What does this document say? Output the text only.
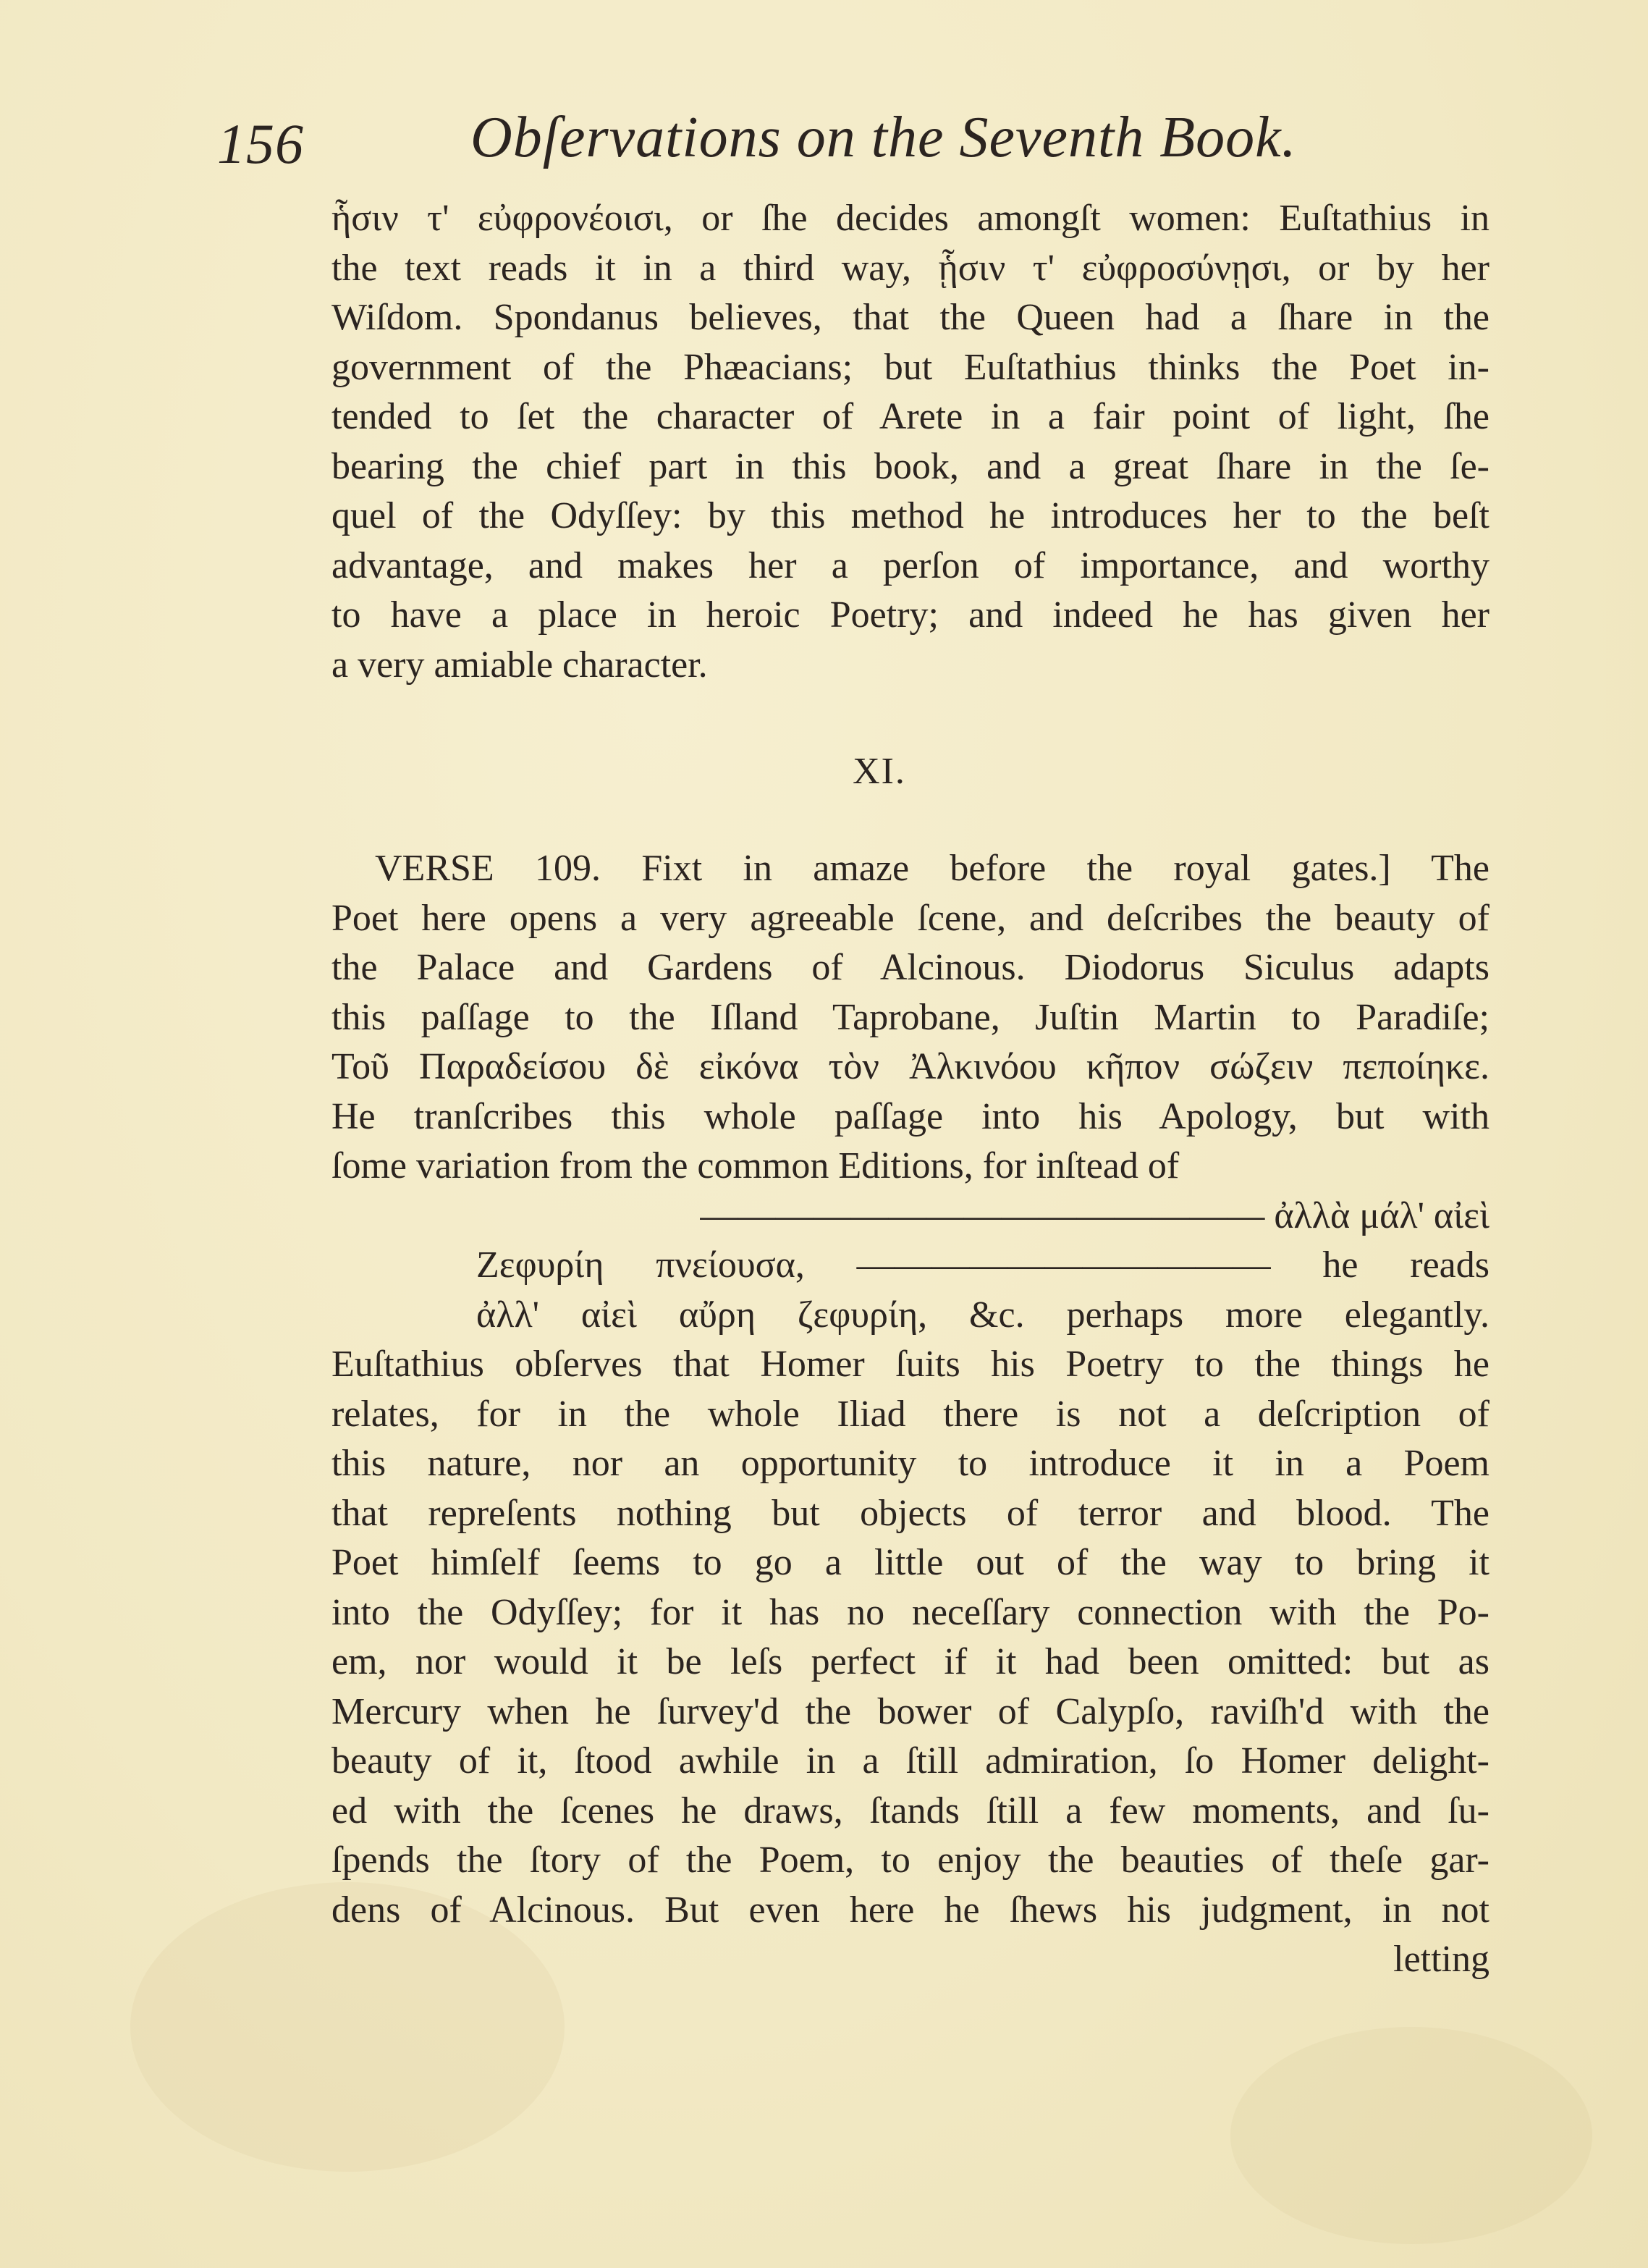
156	Obſervations on the Seventh Book.
ἧσιν τ' εὐφρονέοισι, or ſhe decides amongſt women: Euſtathius in
the text reads it in a third way, ᾗσιν τ' εὐφροσύνῃσι, or by her
Wiſdom. Spondanus believes, that the Queen had a ſhare in the
government of the Phæacians; but Euſtathius thinks the Poet in-
tended to ſet the character of Arete in a fair point of light, ſhe
bearing the chief part in this book, and a great ſhare in the ſe-
quel of the Odyſſey: by this method he introduces her to the beſt
advantage, and makes her a perſon of importance, and worthy
to have a place in heroic Poetry; and indeed he has given her
a very amiable character.
XI.
VERSE 109. Fixt in amaze before the royal gates.] The
Poet here opens a very agreeable ſcene, and deſcribes the beauty of
the Palace and Gardens of Alcinous. Diodorus Siculus adapts
this paſſage to the Iſland Taprobane, Juſtin Martin to Paradiſe;
Τοῦ Παραδείσου δὲ εἰκόνα τὸν Ἀλκινόου κῆπον σώζειν πεποίηκε.
He tranſcribes this whole paſſage into his Apology, but with
ſome variation from the common Editions, for inſtead of
——————————————— ἀλλὰ μάλ' αἰεὶ
Ζεφυρίη πνείουσα, ——————————— he reads
ἀλλ' αἰεὶ αὔρη ζεφυρίη, &c. perhaps more elegantly.
Euſtathius obſerves that Homer ſuits his Poetry to the things he
relates, for in the whole Iliad there is not a deſcription of
this nature, nor an opportunity to introduce it in a Poem
that repreſents nothing but objects of terror and blood. The
Poet himſelf ſeems to go a little out of the way to bring it
into the Odyſſey; for it has no neceſſary connection with the Po-
em, nor would it be leſs perfect if it had been omitted: but as
Mercury when he ſurvey'd the bower of Calypſo, raviſh'd with the
beauty of it, ſtood awhile in a ſtill admiration, ſo Homer delight-
ed with the ſcenes he draws, ſtands ſtill a few moments, and ſu-
ſpends the ſtory of the Poem, to enjoy the beauties of theſe gar-
dens of Alcinous. But even here he ſhews his judgment, in not
letting
